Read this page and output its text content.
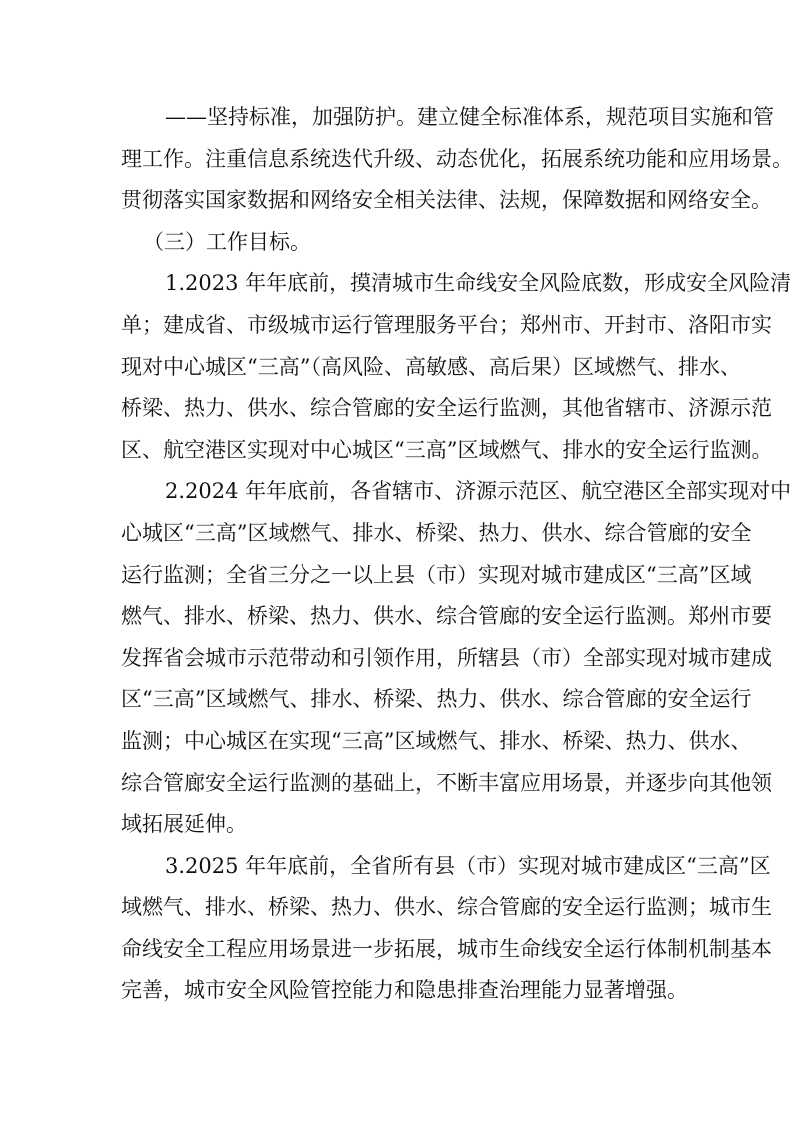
——坚持标准，加强防护。建立健全标准体系，规范项目实施和管
理工作。注重信息系统迭代升级、动态优化，拓展系统功能和应用场景。
贯彻落实国家数据和网络安全相关法律、法规，保障数据和网络安全。
（三）工作目标。
1.2023 年年底前，摸清城市生命线安全风险底数，形成安全风险清
单；建成省、市级城市运行管理服务平台；郑州市、开封市、洛阳市实
现对中心城区“三高”（高风险、高敏感、高后果）区域燃气、排水、
桥梁、热力、供水、综合管廊的安全运行监测，其他省辖市、济源示范
区、航空港区实现对中心城区“三高”区域燃气、排水的安全运行监测。
2.2024 年年底前，各省辖市、济源示范区、航空港区全部实现对中
心城区“三高”区域燃气、排水、桥梁、热力、供水、综合管廊的安全
运行监测；全省三分之一以上县（市）实现对城市建成区“三高”区域
燃气、排水、桥梁、热力、供水、综合管廊的安全运行监测。郑州市要
发挥省会城市示范带动和引领作用，所辖县（市）全部实现对城市建成
区“三高”区域燃气、排水、桥梁、热力、供水、综合管廊的安全运行
监测；中心城区在实现“三高”区域燃气、排水、桥梁、热力、供水、
综合管廊安全运行监测的基础上，不断丰富应用场景，并逐步向其他领
域拓展延伸。
3.2025 年年底前，全省所有县（市）实现对城市建成区“三高”区
域燃气、排水、桥梁、热力、供水、综合管廊的安全运行监测；城市生
命线安全工程应用场景进一步拓展，城市生命线安全运行体制机制基本
完善，城市安全风险管控能力和隐患排查治理能力显著增强。
